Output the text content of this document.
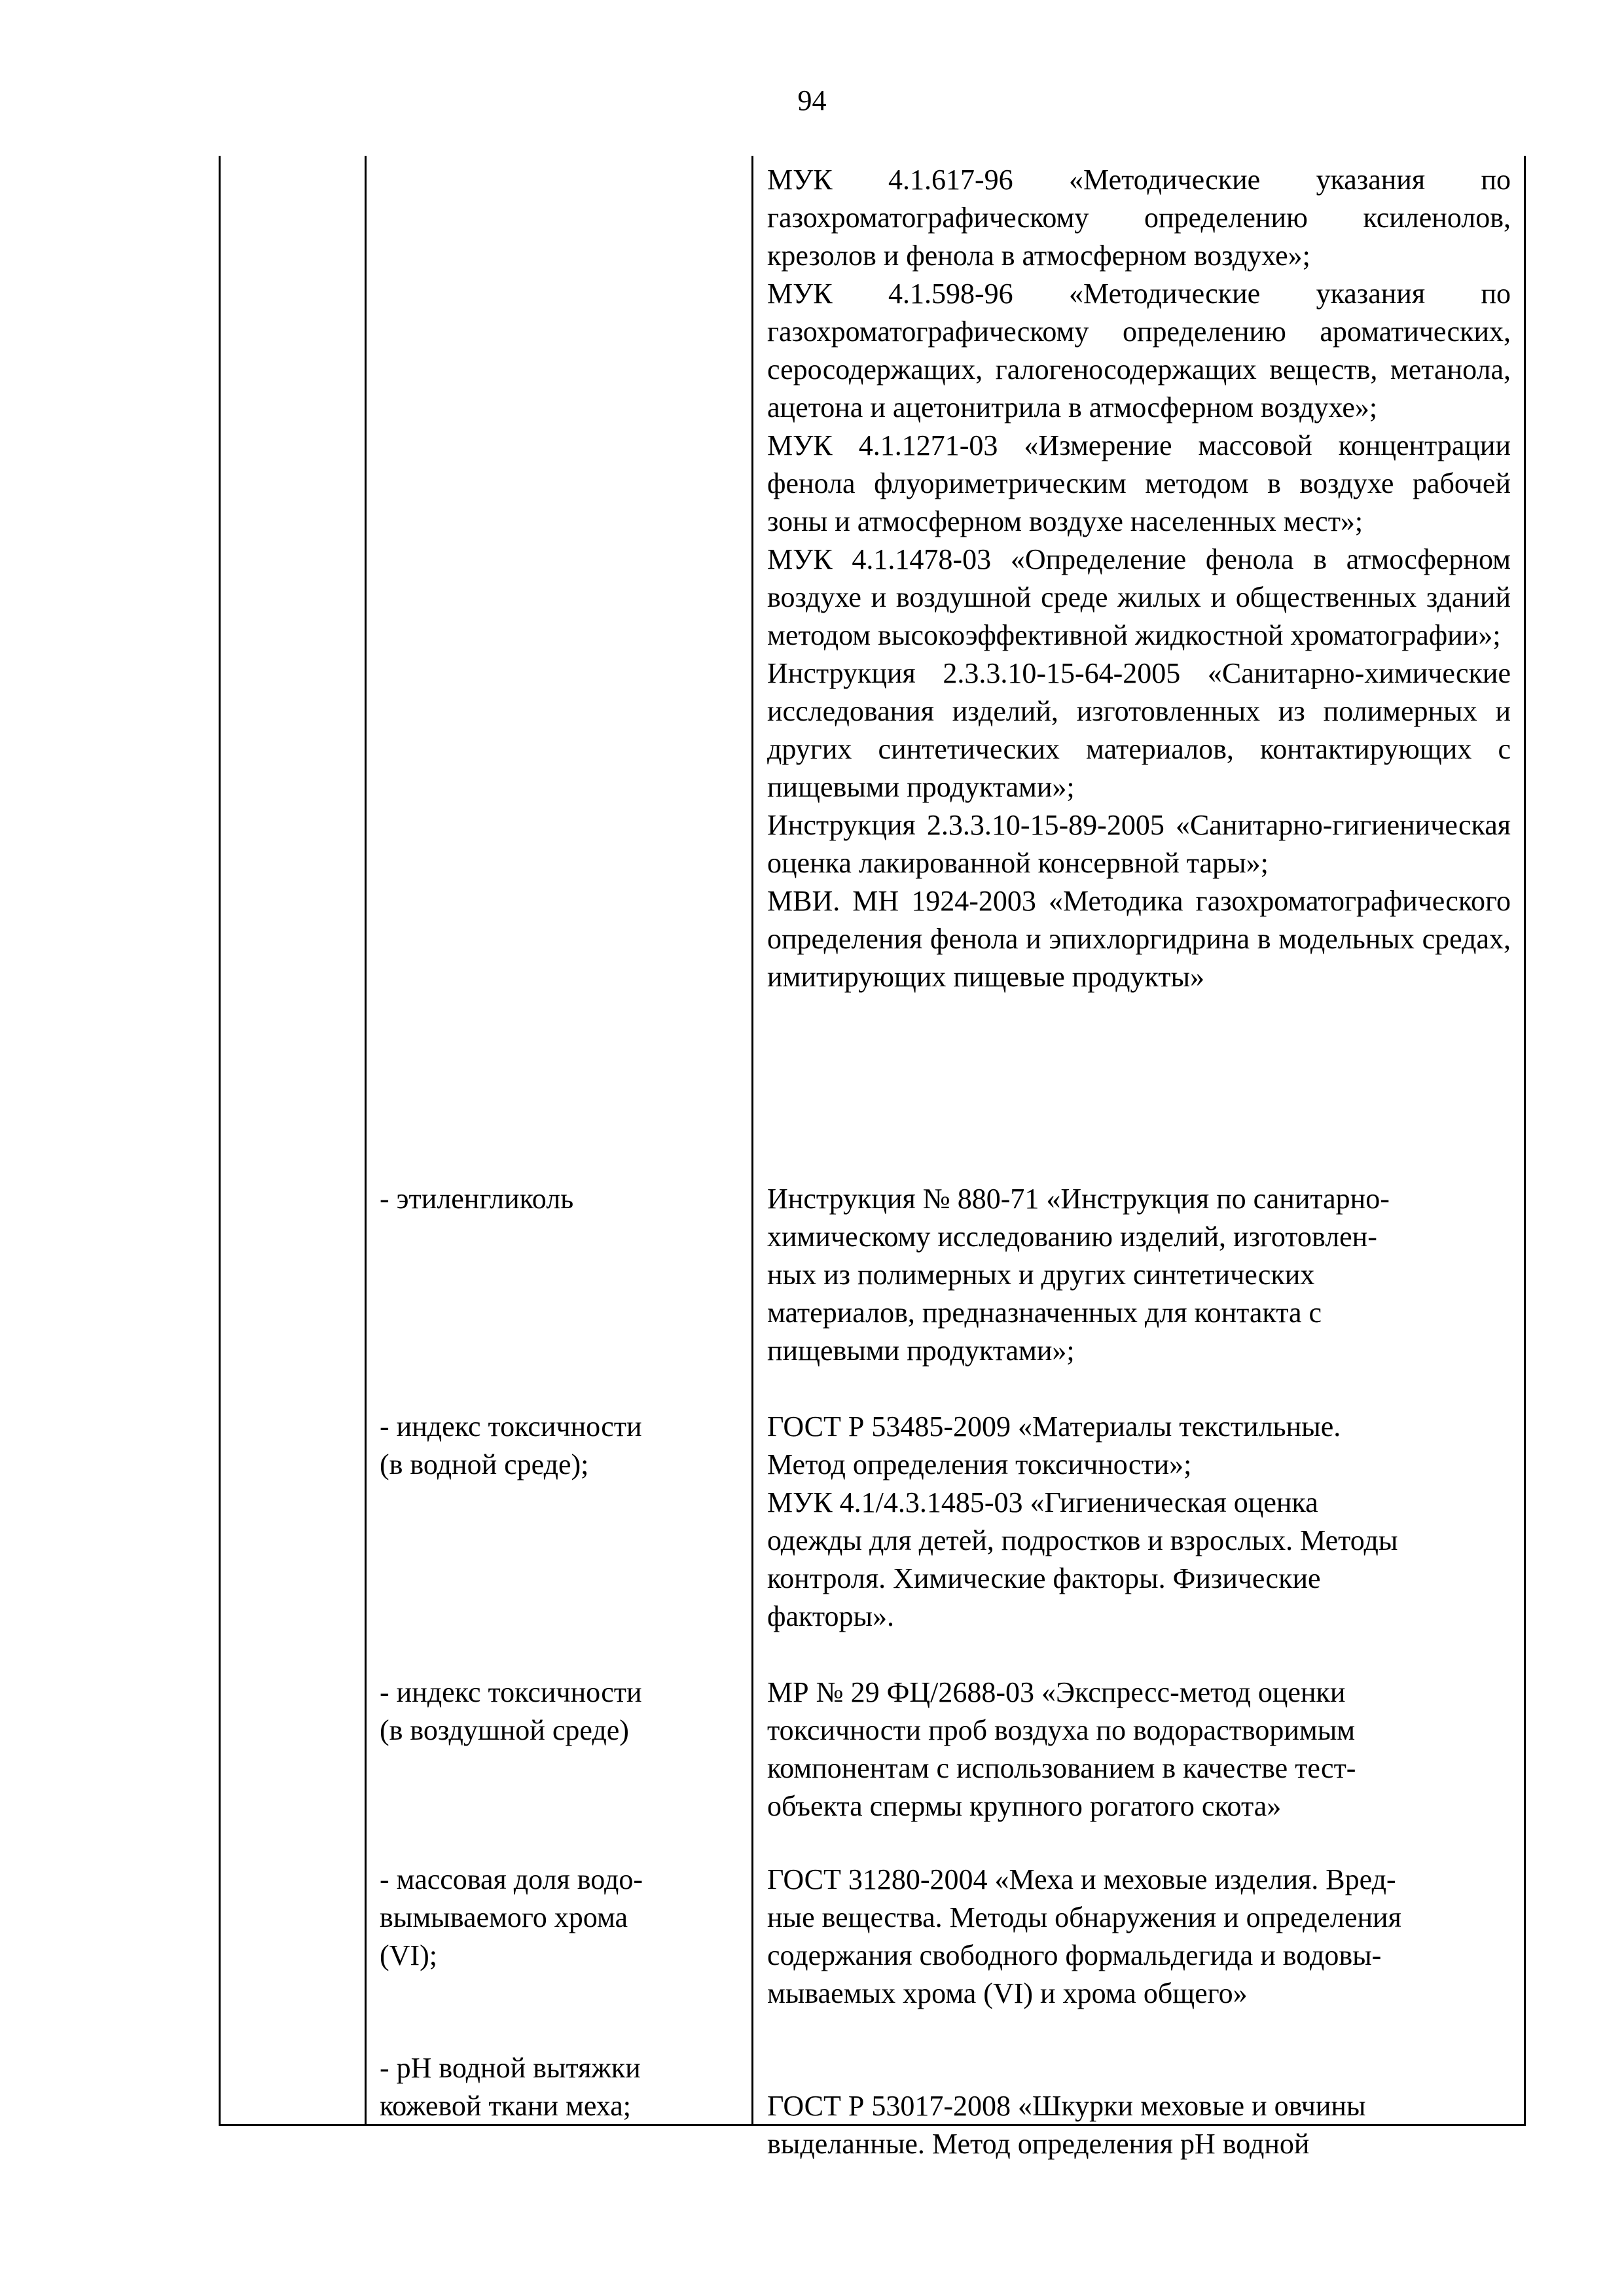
94

МУК 4.1.617-96 «Методические указания по газохроматографическому определению ксиленолов, крезолов и фенола в атмосферном воздухе»;

МУК 4.1.598-96 «Методические указания по газохроматографическому определению ароматических, серосодержащих, галогеносодержащих веществ, метанола, ацетона и ацетонитрила в атмосферном воздухе»;

МУК 4.1.1271-03 «Измерение массовой концентрации фенола флуориметрическим методом в воздухе рабочей зоны и атмосферном воздухе населенных мест»;

МУК 4.1.1478-03 «Определение фенола в атмосферном воздухе и воздушной среде жилых и общественных зданий методом высокоэффективной жидкостной хроматографии»;

Инструкция 2.3.3.10-15-64-2005 «Санитарно-химические исследования изделий, изготовленных из полимерных и других синтетических материалов, контактирующих с пищевыми продуктами»;

Инструкция 2.3.3.10-15-89-2005 «Санитарно-гигиеническая оценка лакированной консервной тары»;

МВИ. МН 1924-2003 «Методика газохроматографического определения фенола и эпихлоргидрина в модельных средах, имитирующих пищевые продукты»

- этиленгликоль	Инструкция № 880-71 «Инструкция по санитарно-
химическому исследованию изделий, изготовлен-
ных из полимерных и других синтетических
материалов, предназначенных для контакта с
пищевыми продуктами»;
- индекс токсичности
(в водной среде);
ГОСТ Р 53485-2009 «Материалы текстильные.
Метод определения токсичности»;
МУК 4.1/4.3.1485-03 «Гигиеническая оценка
одежды для детей, подростков и взрослых. Методы
контроля. Химические факторы. Физические
факторы».
- индекс токсичности
(в воздушной среде)
МР № 29 ФЦ/2688-03 «Экспресс-метод оценки
токсичности проб воздуха по водорастворимым
компонентам с использованием в качестве тест-
объекта спермы крупного рогатого скота»
- массовая доля водо-
вымываемого хрома
(VI);
ГОСТ 31280-2004 «Меха и меховые изделия. Вред-
ные вещества. Методы обнаружения и определения
содержания свободного формальдегида и водовы-
мываемых хрома (VI) и хрома общего»
- pH водной вытяжки
кожевой ткани меха;	ГОСТ Р 53017-2008 «Шкурки меховые и овчины
выделанные. Метод определения pH водной
